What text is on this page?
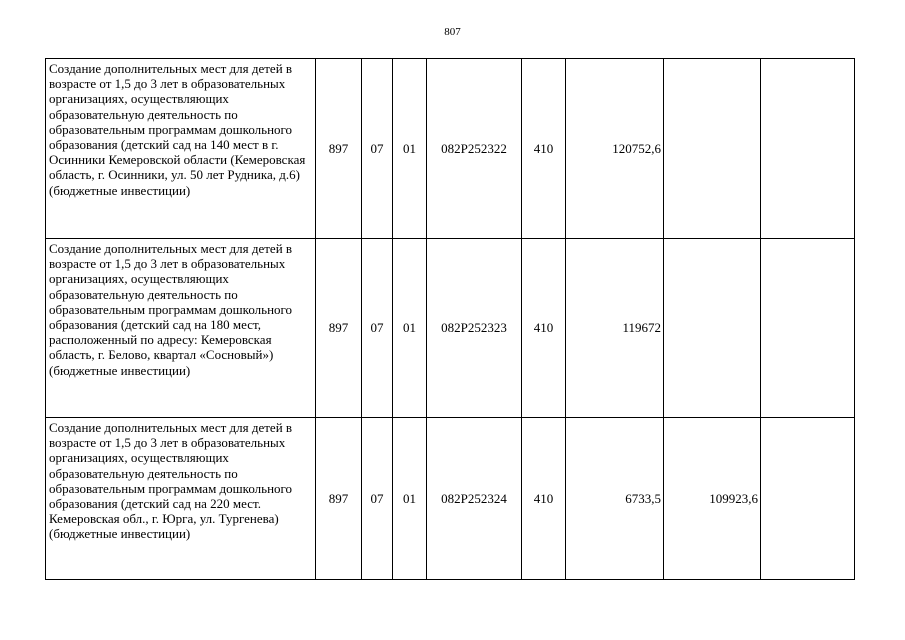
807
Создание дополнительных мест для детей в возрасте от 1,5 до 3 лет в образовательных организациях, осуществляющих образовательную деятельность по образовательным программам дошкольного образования (детский сад на 140 мест в г. Осинники Кемеровской области (Кемеровская область, г. Осинники, ул. 50 лет Рудника, д.6) (бюджетные инвестиции)	897	07	01	082P252322	410	120752,6		
Создание дополнительных мест для детей в возрасте от 1,5 до 3 лет в образовательных организациях, осуществляющих образовательную деятельность по образовательным программам дошкольного образования (детский сад на 180 мест, расположенный по адресу: Кемеровская область, г. Белово, квартал «Сосновый») (бюджетные инвестиции)	897	07	01	082P252323	410	119672		
Создание дополнительных мест для детей в возрасте от 1,5 до 3 лет в образовательных организациях, осуществляющих образовательную деятельность по образовательным программам дошкольного образования (детский сад на 220 мест. Кемеровская обл., г. Юрга, ул. Тургенева) (бюджетные инвестиции)	897	07	01	082P252324	410	6733,5	109923,6	
